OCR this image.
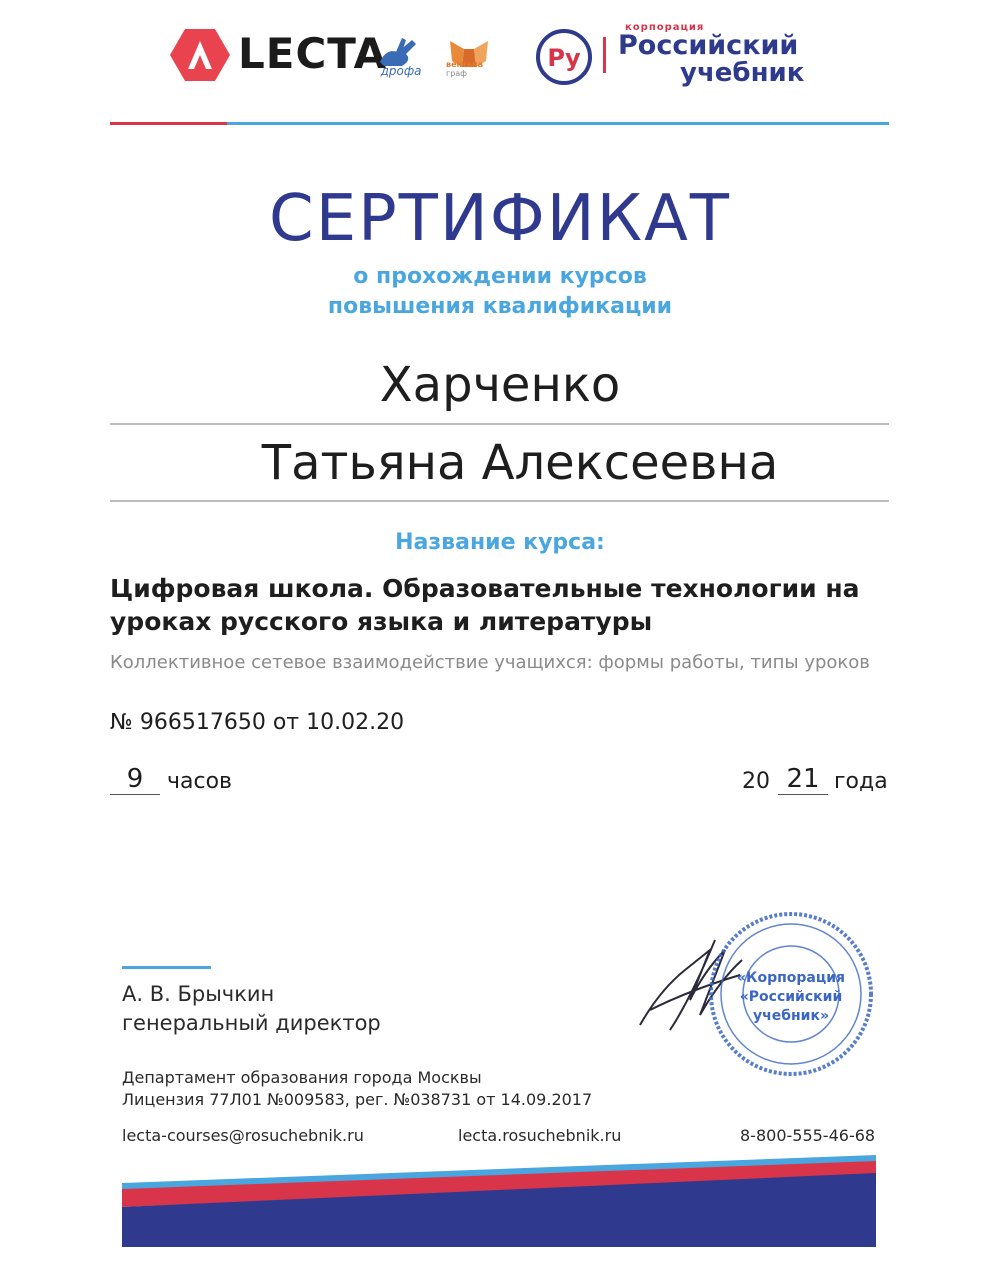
LECTA
дрофа	вентана
граф
Ру
корпорация
Российский
учебник
СЕРТИФИКАТ
о прохождении курсов
повышения квалификации
Харченко
Татьяна Алексеевна
Название курса:
Цифровая школа. Образовательные технологии на уроках русского языка и литературы
Коллективное сетевое взаимодействие учащихся: формы работы, типы уроков
№ 966517650 от 10.02.20
9	часов	20 21 года
А. В. Брычкин
генеральный директор
«Корпорация
«Российский
учебник»
Департамент образования города Москвы
Лицензия 77Л01 №009583, рег. №038731 от 14.09.2017
lecta-courses@rosuchebnik.ru	lecta.rosuchebnik.ru	8-800-555-46-68
